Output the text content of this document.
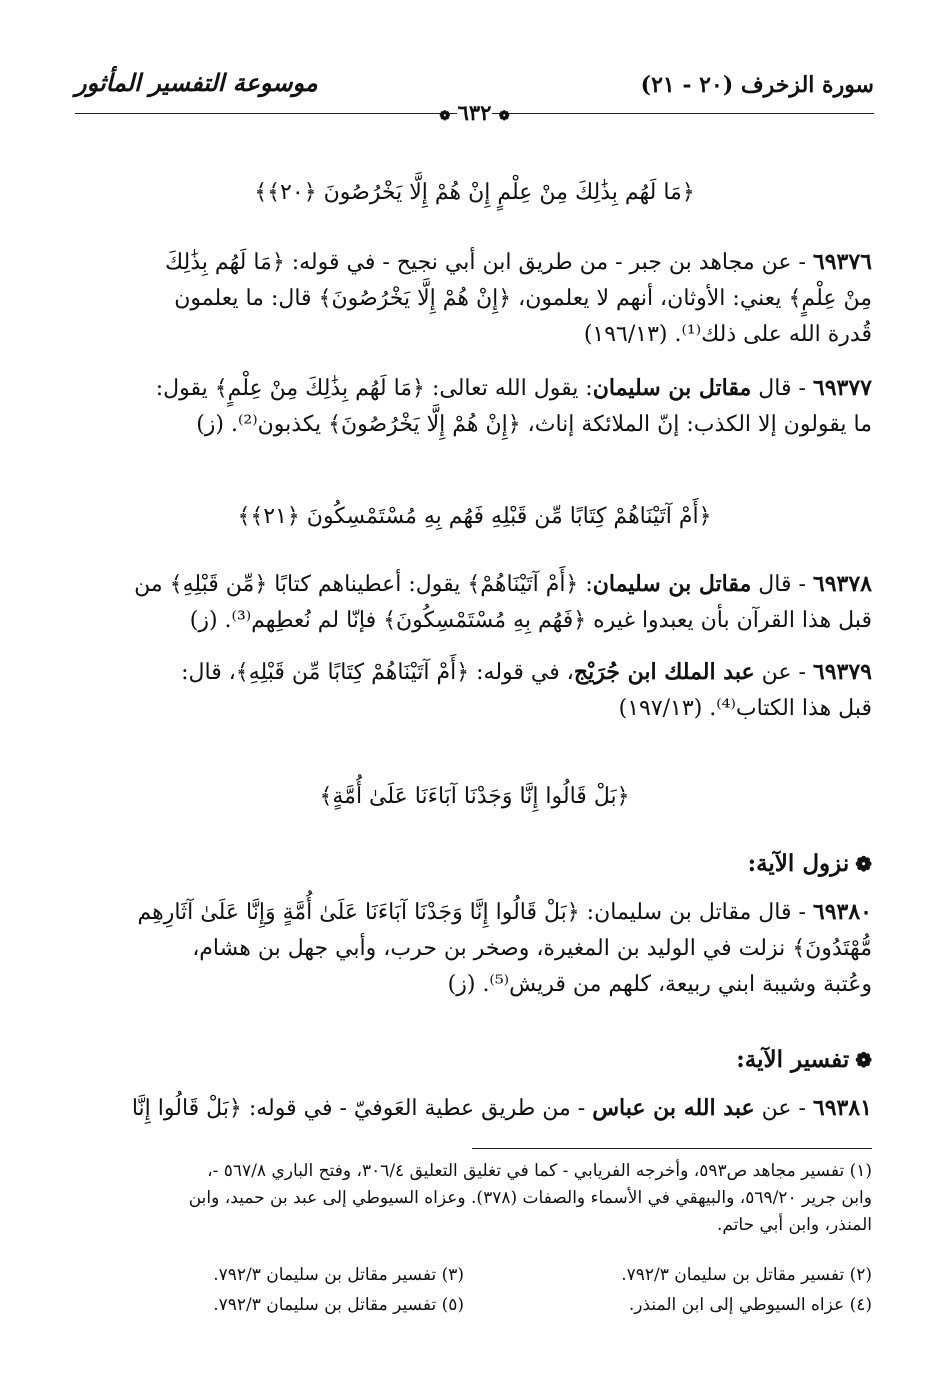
سورة الزخرف (٢٠ - ٢١)
موسوعة التفسير المأثور
❁ ٦٣٢ ❁
﴿مَا لَهُم بِذَٰلِكَ مِنْ عِلْمٍ إِنْ هُمْ إِلَّا يَخْرُصُونَ ﴿٢٠﴾﴾
٦٩٣٧٦ - عن مجاهد بن جبر - من طريق ابن أبي نجيح - في قوله: ﴿مَا لَهُم بِذَٰلِكَ
مِنْ عِلْمٍ﴾ يعني: الأوثان، أنهم لا يعلمون، ﴿إِنْ هُمْ إِلَّا يَخْرُصُونَ﴾ قال: ما يعلمون
قُدرة الله على ذلك⁽¹⁾. (١٩٦/١٣)
٦٩٣٧٧ - قال مقاتل بن سليمان: يقول الله تعالى: ﴿مَا لَهُم بِذَٰلِكَ مِنْ عِلْمٍ﴾ يقول:
ما يقولون إلا الكذب: إنّ الملائكة إناث، ﴿إِنْ هُمْ إِلَّا يَخْرُصُونَ﴾ يكذبون⁽²⁾. (ز)
﴿أَمْ آتَيْنَاهُمْ كِتَابًا مِّن قَبْلِهِ فَهُم بِهِ مُسْتَمْسِكُونَ ﴿٢١﴾﴾
٦٩٣٧٨ - قال مقاتل بن سليمان: ﴿أَمْ آتَيْنَاهُمْ﴾ يقول: أعطيناهم كتابًا ﴿مِّن قَبْلِهِ﴾ من
قبل هذا القرآن بأن يعبدوا غيره ﴿فَهُم بِهِ مُسْتَمْسِكُونَ﴾ فإنّا لم نُعطِهم⁽³⁾. (ز)
٦٩٣٧٩ - عن عبد الملك ابن جُرَيْج، في قوله: ﴿أَمْ آتَيْنَاهُمْ كِتَابًا مِّن قَبْلِهِ﴾، قال:
قبل هذا الكتاب⁽⁴⁾. (١٩٧/١٣)
﴿بَلْ قَالُوا إِنَّا وَجَدْنَا آبَاءَنَا عَلَىٰ أُمَّةٍ﴾
❁نزول الآية:
٦٩٣٨٠ - قال مقاتل بن سليمان: ﴿بَلْ قَالُوا إِنَّا وَجَدْنَا آبَاءَنَا عَلَىٰ أُمَّةٍ وَإِنَّا عَلَىٰ آثَارِهِم
مُّهْتَدُونَ﴾ نزلت في الوليد بن المغيرة، وصخر بن حرب، وأبي جهل بن هشام،
وعُتبة وشيبة ابني ربيعة، كلهم من قريش⁽⁵⁾. (ز)
❁تفسير الآية:
٦٩٣٨١ - عن عبد الله بن عباس - من طريق عطية العَوفيّ - في قوله: ﴿بَلْ قَالُوا إِنَّا
(١) تفسير مجاهد ص٥٩٣، وأخرجه الفريابي - كما في تغليق التعليق ٣٠٦/٤، وفتح الباري ٥٦٧/٨ -،
وابن جرير ٥٦٩/٢٠، والبيهقي في الأسماء والصفات (٣٧٨). وعزاه السيوطي إلى عبد بن حميد، وابن
المنذر، وابن أبي حاتم.
(٢) تفسير مقاتل بن سليمان ٧٩٢/٣.
(٣) تفسير مقاتل بن سليمان ٧٩٢/٣.
(٤) عزاه السيوطي إلى ابن المنذر.
(٥) تفسير مقاتل بن سليمان ٧٩٢/٣.
